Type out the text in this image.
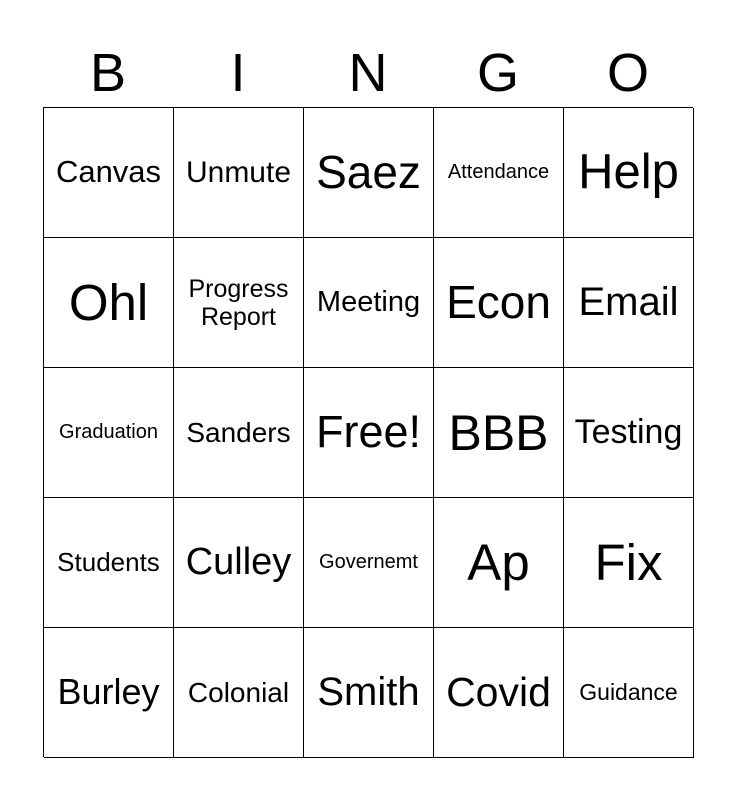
B	I	N	G	O
Canvas Unmute Saez Attendance Help
Ohl	Progress Report	Meeting Econ Email
Graduation Sanders Free! BBB Testing
Students Culley Governemt Ap Fix
Burley Colonial Smith Covid Guidance
